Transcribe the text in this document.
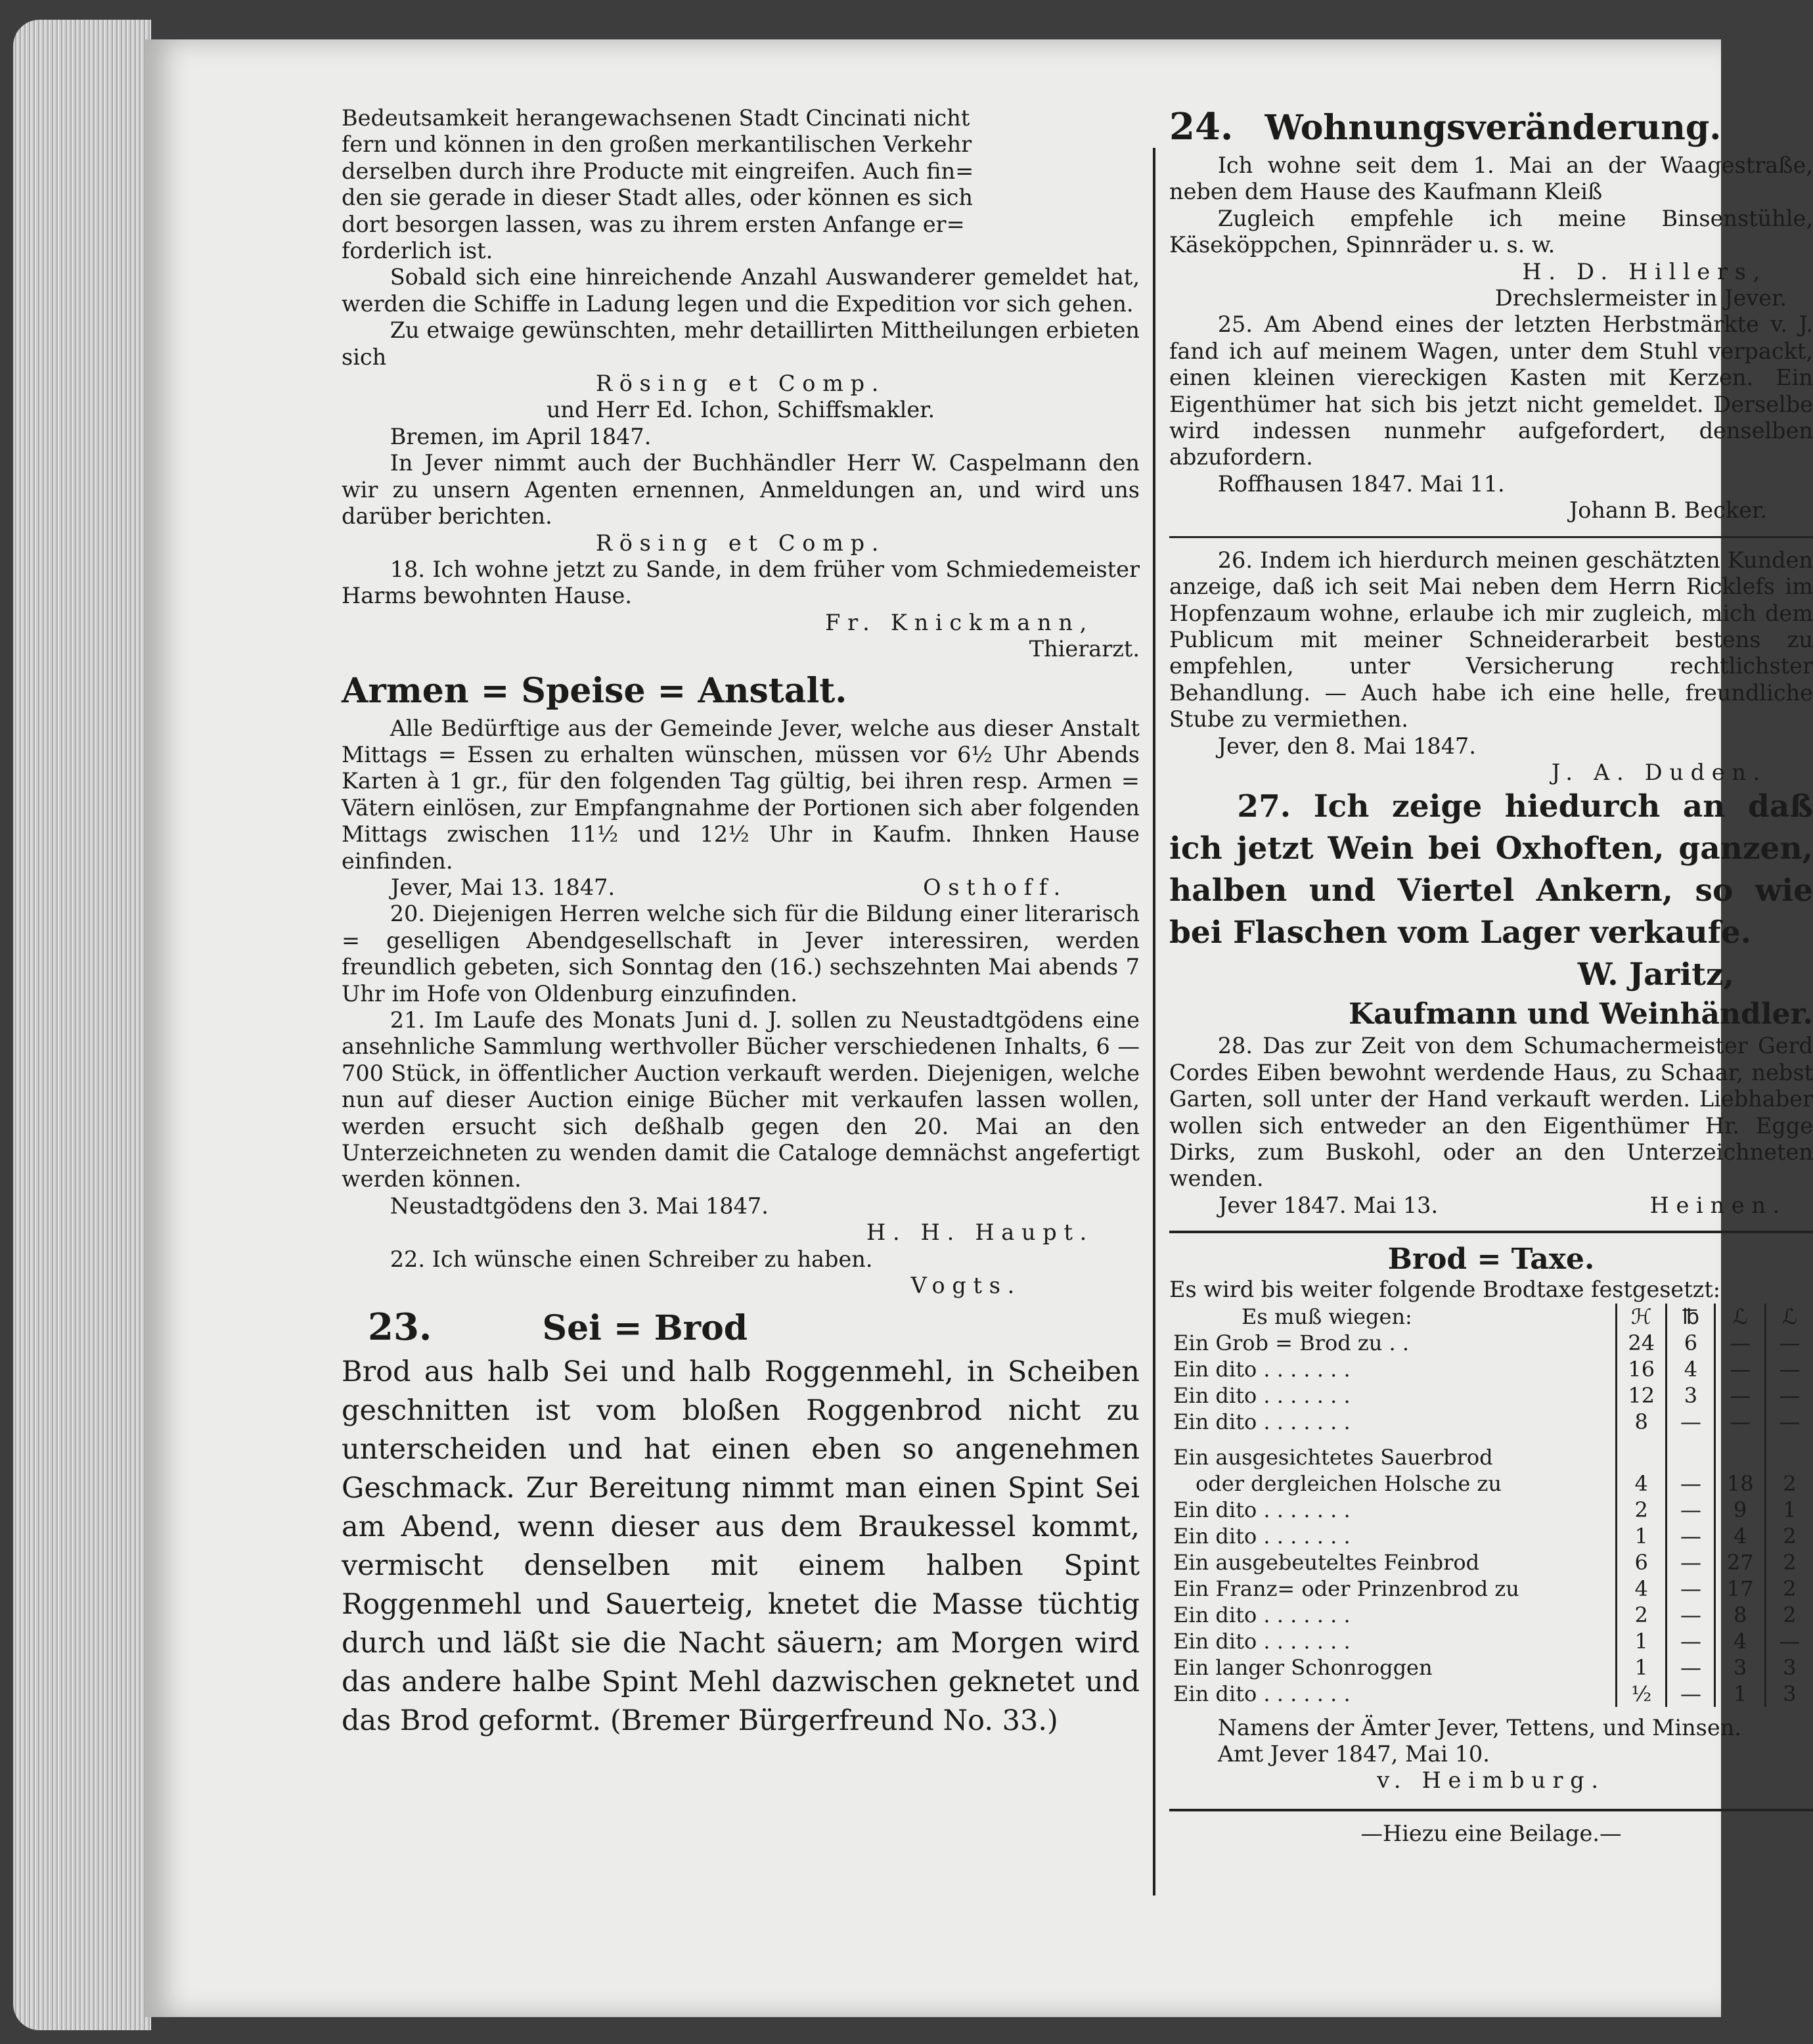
Bedeutsamkeit herangewachsenen Stadt Cincinati nicht
fern und können in den großen merkantilischen Verkehr
derselben durch ihre Producte mit eingreifen. Auch fin=
den sie gerade in dieser Stadt alles, oder können es sich
dort besorgen lassen, was zu ihrem ersten Anfange er=
forderlich ist.

Sobald sich eine hinreichende Anzahl Auswanderer gemeldet hat, werden die Schiffe in Ladung legen und die Expedition vor sich gehen.

Zu etwaige gewünschten, mehr detaillirten Mittheilungen erbieten sich

Rösing et Comp.

und Herr Ed. Ichon, Schiffsmakler.

Bremen, im April 1847.

In Jever nimmt auch der Buchhändler Herr W. Caspelmann den wir zu unsern Agenten ernennen, Anmeldungen an, und wird uns darüber berichten.

Rösing et Comp.

18. Ich wohne jetzt zu Sande, in dem früher vom Schmiedemeister Harms bewohnten Hause.

Fr. Knickmann,

Thierarzt.

Armen = Speise = Anstalt.

Alle Bedürftige aus der Gemeinde Jever, welche aus dieser Anstalt Mittags = Essen zu erhalten wünschen, müssen vor 6½ Uhr Abends Karten à 1 gr., für den folgenden Tag gültig, bei ihren resp. Armen = Vätern einlösen, zur Empfangnahme der Portionen sich aber folgenden Mittags zwischen 11½ und 12½ Uhr in Kaufm. Ihnken Hause einfinden.

Jever, Mai 13. 1847.	Osthoff.

20. Diejenigen Herren welche sich für die Bildung einer literarisch = geselligen Abendgesellschaft in Jever interessiren, werden freundlich gebeten, sich Sonntag den (16.) sechszehnten Mai abends 7 Uhr im Hofe von Oldenburg einzufinden.

21. Im Laufe des Monats Juni d. J. sollen zu Neustadtgödens eine ansehnliche Sammlung werthvoller Bücher verschiedenen Inhalts, 6 — 700 Stück, in öffentlicher Auction verkauft werden. Diejenigen, welche nun auf dieser Auction einige Bücher mit verkaufen lassen wollen, werden ersucht sich deßhalb gegen den 20. Mai an den Unterzeichneten zu wenden damit die Cataloge demnächst angefertigt werden können.

Neustadtgödens den 3. Mai 1847.

H. H. Haupt.

22. Ich wünsche einen Schreiber zu haben.

Vogts.

23.	Sei = Brod

Brod aus halb Sei und halb Roggenmehl, in Scheiben geschnitten ist vom bloßen Roggenbrod nicht zu unterscheiden und hat einen eben so angenehmen Geschmack. Zur Bereitung nimmt man einen Spint Sei am Abend, wenn dieser aus dem Braukessel kommt, vermischt denselben mit einem halben Spint Roggenmehl und Sauerteig, knetet die Masse tüchtig durch und läßt sie die Nacht säuern; am Morgen wird das andere halbe Spint Mehl dazwischen geknetet und das Brod geformt. (Bremer Bürgerfreund No. 33.)

24. Wohnungsveränderung.

Ich wohne seit dem 1. Mai an der Waagestraße, neben dem Hause des Kaufmann Kleiß

Zugleich empfehle ich meine Binsenstühle, Käseköppchen, Spinnräder u. s. w.

H. D. Hillers,

Drechslermeister in Jever.

25. Am Abend eines der letzten Herbstmärkte v. J. fand ich auf meinem Wagen, unter dem Stuhl verpackt, einen kleinen viereckigen Kasten mit Kerzen. Ein Eigenthümer hat sich bis jetzt nicht gemeldet. Derselbe wird indessen nunmehr aufgefordert, denselben abzufordern.

Roffhausen 1847. Mai 11.

Johann B. Becker.

26. Indem ich hierdurch meinen geschätzten Kunden anzeige, daß ich seit Mai neben dem Herrn Ricklefs im Hopfenzaum wohne, erlaube ich mir zugleich, mich dem Publicum mit meiner Schneiderarbeit bestens zu empfehlen, unter Versicherung rechtlichster Behandlung. — Auch habe ich eine helle, freundliche Stube zu vermiethen.

Jever, den 8. Mai 1847.

J. A. Duden.

27. Ich zeige hiedurch an daß ich jetzt Wein bei Oxhoften, ganzen, halben und Viertel Ankern, so wie bei Flaschen vom Lager verkaufe.

W. Jaritz,

Kaufmann und Weinhändler.

28. Das zur Zeit von dem Schumachermeister Gerd Cordes Eiben bewohnt werdende Haus, zu Schaar, nebst Garten, soll unter der Hand verkauft werden. Liebhaber wollen sich entweder an den Eigenthümer Hr. Egge Dirks, zum Buskohl, oder an den Unterzeichneten wenden.

Jever 1847. Mai 13.	Heinen.
Brod = Taxe.

Es wird bis weiter folgende Brodtaxe festgesetzt:

Es muß wiegen:	ℋ	℔	ℒ	ℒ
Ein Grob = Brod zu . .	24	6	—	—
Ein dito . . . . . . .	16	4	—	—
Ein dito . . . . . . .	12	3	—	—
Ein dito . . . . . . .	8	—	—	—

Ein ausgesichtetes Sauerbrod				
oder dergleichen Holsche zu	4	—	18	2
Ein dito . . . . . . .	2	—	9	1
Ein dito . . . . . . .	1	—	4	2
Ein ausgebeuteltes Feinbrod	6	—	27	2
Ein Franz= oder Prinzenbrod zu	4	—	17	2
Ein dito . . . . . . .	2	—	8	2
Ein dito . . . . . . .	1	—	4	—
Ein langer Schonroggen	1	—	3	3
Ein dito . . . . . . .	½	—	1	3

Namens der Ämter Jever, Tettens, und Minsen.

Amt Jever 1847, Mai 10.

v. Heimburg.

—Hiezu eine Beilage.—
